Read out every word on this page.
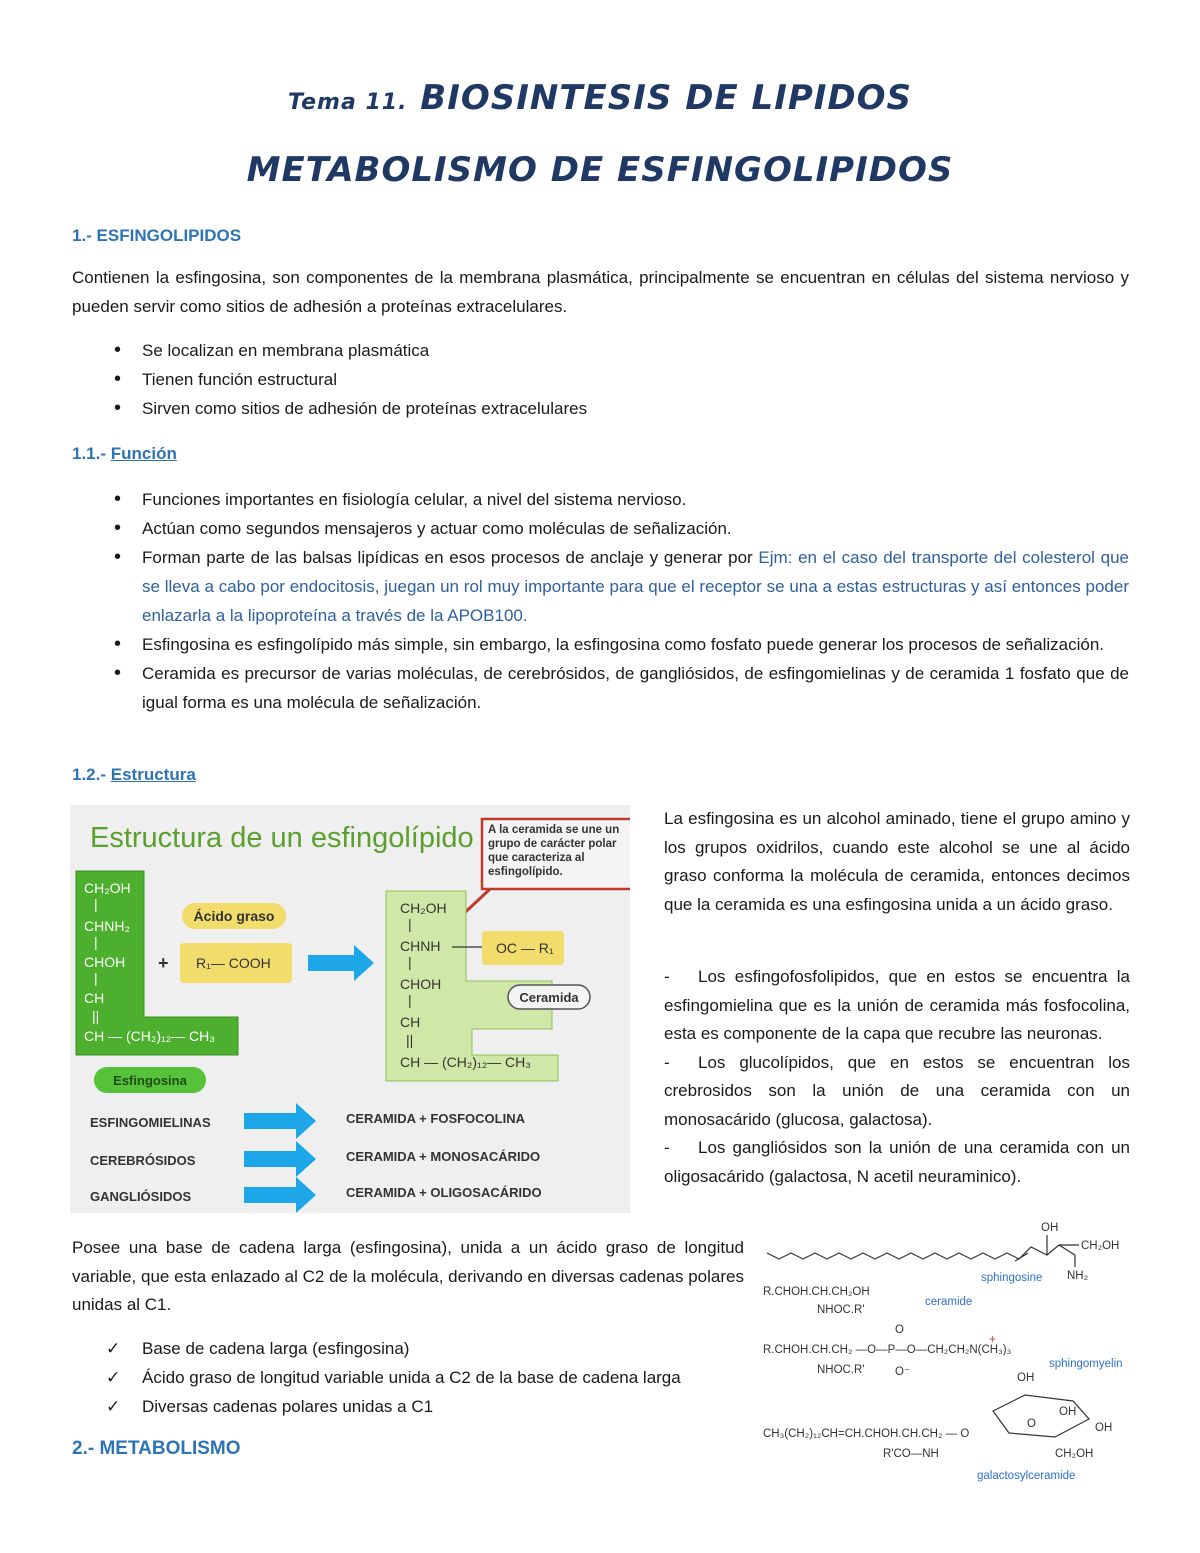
Tema 11. BIOSINTESIS DE LIPIDOS
METABOLISMO DE ESFINGOLIPIDOS
1.- ESFINGOLIPIDOS
Contienen la esfingosina, son componentes de la membrana plasmática, principalmente se encuentran en células del sistema nervioso y pueden servir como sitios de adhesión a proteínas extracelulares.
• Se localizan en membrana plasmática
• Tienen función estructural
• Sirven como sitios de adhesión de proteínas extracelulares
1.1.- Función
• Funciones importantes en fisiología celular, a nivel del sistema nervioso.
• Actúan como segundos mensajeros y actuar como moléculas de señalización.
• Forman parte de las balsas lipídicas en esos procesos de anclaje y generar por Ejm: en el caso del transporte del colesterol que se lleva a cabo por endocitosis, juegan un rol muy importante para que el receptor se una a estas estructuras y así entonces poder enlazarla a la lipoproteína a través de la APOB100.
• Esfingosina es esfingolípido más simple, sin embargo, la esfingosina como fosfato puede generar los procesos de señalización.
• Ceramida es precursor de varias moléculas, de cerebrósidos, de gangliósidos, de esfingomielinas y de ceramida 1 fosfato que de igual forma es una molécula de señalización.
1.2.- Estructura
Estructura de un esfingolípido A la ceramida se une un grupo de carácter polar que caracteriza al esfingolípido.
CH₂OH
|
CHNH₂
|
CHOH
|
CH
||
CH — (CH₂)₁₂— CH₃
Esfingosina
Ácido graso
+ R₁— COOH
CH₂OH
|
CHNH
|
CHOH
|
CH
||
CH — (CH₂)₁₂— CH₃
OC — R₁
Ceramida
ESFINGOMIELINAS	CERAMIDA + FOSFOCOLINA
CEREBRÓSIDOS	CERAMIDA + MONOSACÁRIDO
GANGLIÓSIDOS	CERAMIDA + OLIGOSACÁRIDO
La esfingosina es un alcohol aminado, tiene el grupo amino y los grupos oxidrilos, cuando este alcohol se une al ácido graso conforma la molécula de ceramida, entonces decimos que la ceramida es una esfingosina unida a un ácido graso.
- Los esfingofosfolipidos, que en estos se encuentra la esfingomielina que es la unión de ceramida más fosfocolina, esta es componente de la capa que recubre las neuronas.
- Los glucolípidos, que en estos se encuentran los crebrosidos son la unión de una ceramida con un monosacárido (glucosa, galactosa).
- Los gangliósidos son la unión de una ceramida con un oligosacárido (galactosa, N acetil neuraminico).
Posee una base de cadena larga (esfingosina), unida a un ácido graso de longitud variable, que esta enlazado al C2 de la molécula, derivando en diversas cadenas polares unidas al C1.
✓ Base de cadena larga (esfingosina)
✓ Ácido graso de longitud variable unida a C2 de la base de cadena larga
✓ Diversas cadenas polares unidas a C1
2.- METABOLISMO
OH
CH₂OH
NH₂
sphingosine
R.CHOH.CH.CH₂OH
NHOC.R'
ceramide
O
+
R.CHOH.CH.CH₂ —O—P—O—CH₂CH₂N(CH₃)₃
NHOC.R'	O⁻
sphingomyelin
OH
OH
OH
O
CH₃(CH₂)₁₂CH=CH.CHOH.CH.CH₂ — O
R'CO—NH	CH₂OH
galactosylceramide
